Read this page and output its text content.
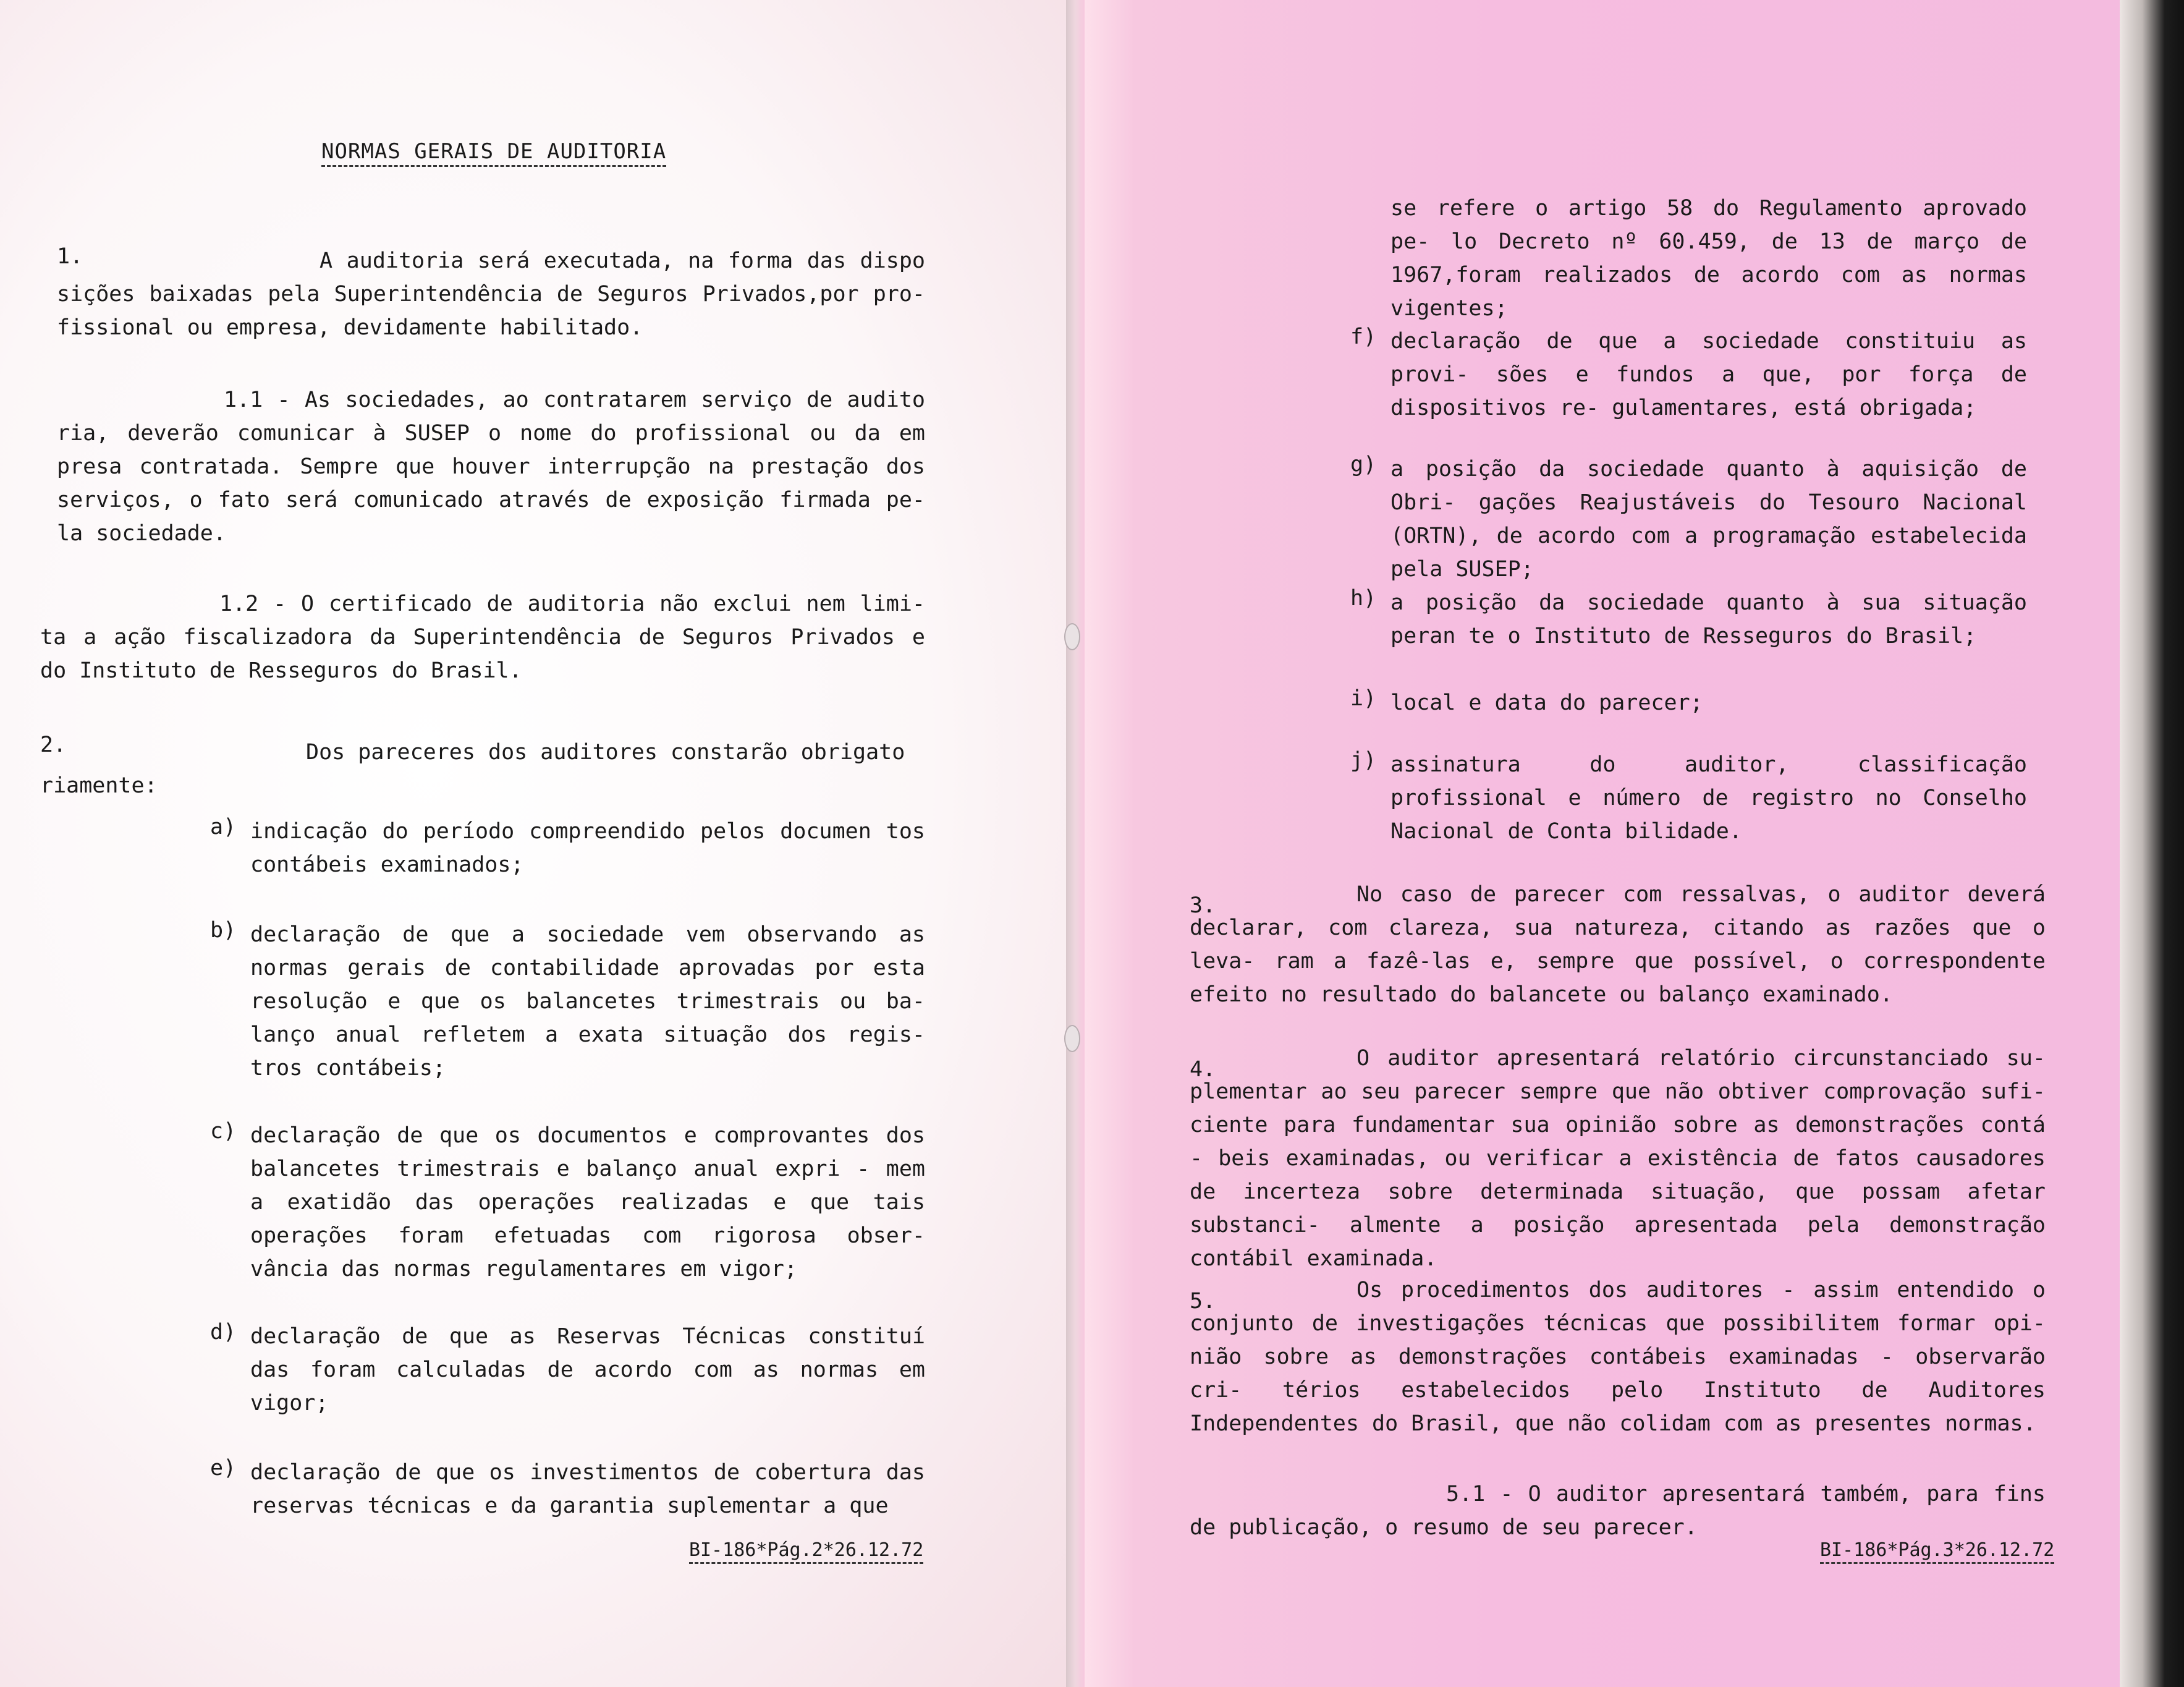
NORMAS GERAIS DE AUDITORIA
1.	A auditoria será executada, na forma das dispo sições baixadas pela Superintendência de Seguros Privados,por pro- fissional ou empresa, devidamente habilitado.

1.1 - As sociedades, ao contratarem serviço de audito ria, deverão comunicar à SUSEP o nome do profissional ou da em presa contratada. Sempre que houver interrupção na prestação dos serviços, o fato será comunicado através de exposição firmada pe- la sociedade.

1.2 - O certificado de auditoria não exclui nem limi- ta a ação fiscalizadora da Superintendência de Seguros Privados e do Instituto de Resseguros do Brasil.

2.	Dos pareceres dos auditores constarão obrigato riamente:

a) indicação do período compreendido pelos documen tos contábeis examinados;

b) declaração de que a sociedade vem observando as normas gerais de contabilidade aprovadas por esta resolução e que os balancetes trimestrais ou ba- lanço anual refletem a exata situação dos regis- tros contábeis;

c) declaração de que os documentos e comprovantes dos balancetes trimestrais e balanço anual expri - mem a exatidão das operações realizadas e que tais operações foram efetuadas com rigorosa obser- vância das normas regulamentares em vigor;

d) declaração de que as Reservas Técnicas constituí das foram calculadas de acordo com as normas em vigor;

e) declaração de que os investimentos de cobertura das reservas técnicas e da garantia suplementar a que

BI-186*Pág.2*26.12.72

se refere o artigo 58 do Regulamento aprovado pe- lo Decreto nº 60.459, de 13 de março de 1967,foram realizados de acordo com as normas vigentes;

f) declaração de que a sociedade constituiu as provi- sões e fundos a que, por força de dispositivos re- gulamentares, está obrigada;

g) a posição da sociedade quanto à aquisição de Obri- gações Reajustáveis do Tesouro Nacional (ORTN), de acordo com a programação estabelecida pela SUSEP;

h) a posição da sociedade quanto à sua situação peran te o Instituto de Resseguros do Brasil;

i) local e data do parecer;

j) assinatura do auditor, classificação profissional e número de registro no Conselho Nacional de Conta bilidade.

3.	No caso de parecer com ressalvas, o auditor deverá declarar, com clareza, sua natureza, citando as razões que o leva- ram a fazê-las e, sempre que possível, o correspondente efeito no resultado do balancete ou balanço examinado.

4.	O auditor apresentará relatório circunstanciado su- plementar ao seu parecer sempre que não obtiver comprovação sufi- ciente para fundamentar sua opinião sobre as demonstrações contá - beis examinadas, ou verificar a existência de fatos causadores de incerteza sobre determinada situação, que possam afetar substanci- almente a posição apresentada pela demonstração contábil examinada.

5.	Os procedimentos dos auditores - assim entendido o conjunto de investigações técnicas que possibilitem formar opi- nião sobre as demonstrações contábeis examinadas - observarão cri- térios estabelecidos pelo Instituto de Auditores Independentes do Brasil, que não colidam com as presentes normas.

5.1 - O auditor apresentará também, para fins de publicação, o resumo de seu parecer.

BI-186*Pág.3*26.12.72
